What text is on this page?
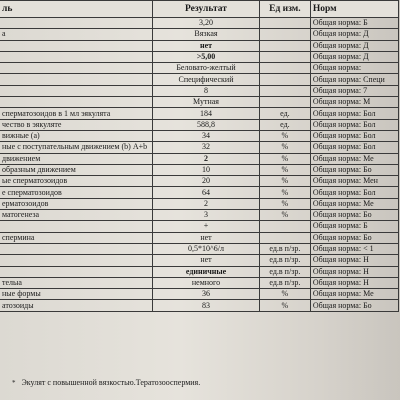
ль	Результат	Ед изм.	Норм
	3,20		Общая норма: Б
а	Вязкая		Общая норма: Д
	нет		Общая норма: Д
	>5,00		Общая норма: Д
	Беловато-желтый		Общая норма:
	Специфический		Общая норма: Специ
	8		Общая норма: 7
	Мутная		Общая норма: М
сперматозоидов в 1 мл эякулята	184	ед.	Общая норма: Бол
чество в эякуляте	588,8	ед.	Общая норма: Бол
вижные (а)	34	%	Общая норма: Бол
ные с поступательным движением (b) A+b	32	%	Общая норма: Бол
движением	2	%	Общая норма: Ме
образным движением	10	%	Общая норма: Бо
ые сперматозоидов	20	%	Общая норма: Мен
е сперматозоидов	64	%	Общая норма: Бол
ерматозоидов	2	%	Общая норма: Ме
матогенеза	3	%	Общая норма: Бо
	+		Общая норма: Б
спермина	нет		Общая норма: Бо
	0,5*10^6/л	ед.в п/зр.	Общая норма: < 1
	нет	ед.в п/зр.	Общая норма: Н
	единичные	ед.в п/зр.	Общая норма: Н
телыа	немного	ед.в п/зр.	Общая норма: Н
ные формы	36	%	Общая норма: Ме
атозоиды	83	%	Общая норма: Бо
* Экулят с повышенной вязкостью.Тератозооспермия.
